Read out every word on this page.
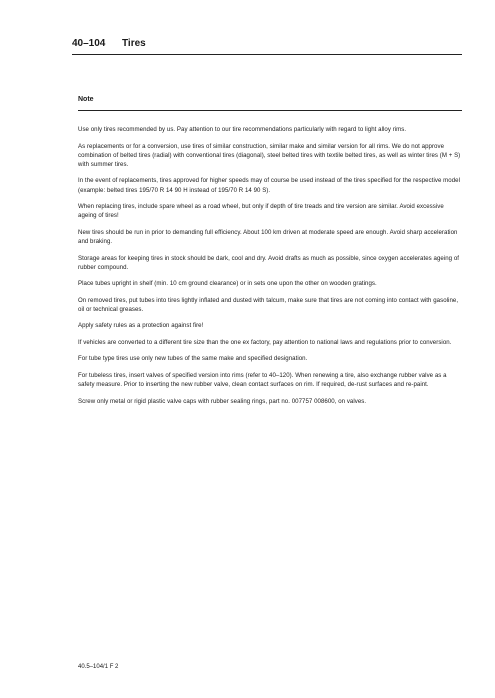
40–104 Tires
Note

Use only tires recommended by us. Pay attention to our tire recommendations particularly with regard to light alloy rims.

As replacements or for a conversion, use tires of similar construction, similar make and similar version for all rims. We do not approve combination of belted tires (radial) with conventional tires (diagonal), steel belted tires with textile belted tires, as well as winter tires (M + S) with summer tires.

In the event of replacements, tires approved for higher speeds may of course be used instead of the tires specified for the respective model (example: belted tires 195/70 R 14 90 H instead of 195/70 R 14 90 S).

When replacing tires, include spare wheel as a road wheel, but only if depth of tire treads and tire version are similar. Avoid excessive ageing of tires!

New tires should be run in prior to demanding full efficiency. About 100 km driven at moderate speed are enough. Avoid sharp acceleration and braking.

Storage areas for keeping tires in stock should be dark, cool and dry. Avoid drafts as much as possible, since oxygen accelerates ageing of rubber compound.

Place tubes upright in shelf (min. 10 cm ground clearance) or in sets one upon the other on wooden gratings.

On removed tires, put tubes into tires lightly inflated and dusted with talcum, make sure that tires are not coming into contact with gasoline, oil or technical greases.

Apply safety rules as a protection against fire!

If vehicles are converted to a different tire size than the one ex factory, pay attention to national laws and regulations prior to conversion.

For tube type tires use only new tubes of the same make and specified designation.

For tubeless tires, insert valves of specified version into rims (refer to 40–120). When renewing a tire, also exchange rubber valve as a safety measure. Prior to inserting the new rubber valve, clean contact surfaces on rim. If required, de-rust surfaces and re-paint.

Screw only metal or rigid plastic valve caps with rubber sealing rings, part no. 007757 008600, on valves.

40.5–104/1 F 2
